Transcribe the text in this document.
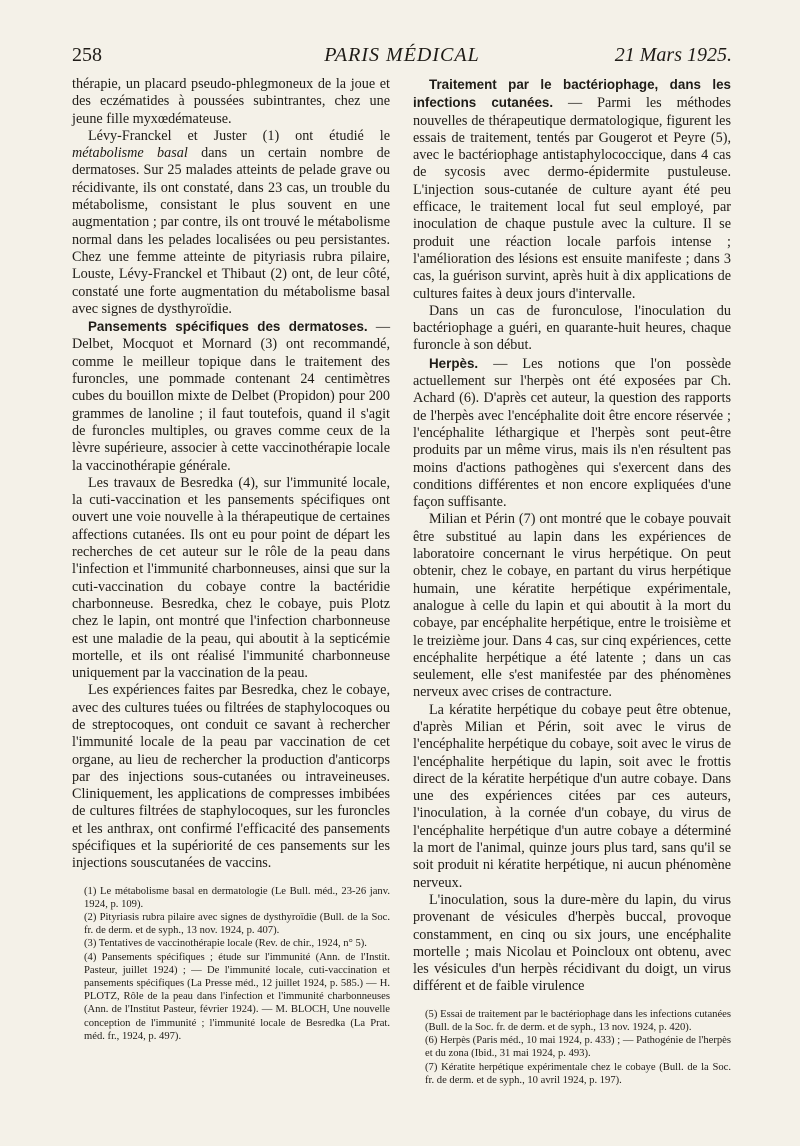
258	PARIS MÉDICAL	21 Mars 1925.

thérapie, un placard pseudo-phlegmoneux de la joue et des eczématides à poussées subintrantes, chez une jeune fille myxœdémateuse.

Lévy-Franckel et Juster (1) ont étudié le métabolisme basal dans un certain nombre de dermatoses. Sur 25 malades atteints de pelade grave ou récidivante, ils ont constaté, dans 23 cas, un trouble du métabolisme, consistant le plus souvent en une augmentation ; par contre, ils ont trouvé le métabolisme normal dans les pelades localisées ou peu persistantes. Chez une femme atteinte de pityriasis rubra pilaire, Louste, Lévy-Franckel et Thibaut (2) ont, de leur côté, constaté une forte augmentation du métabolisme basal avec signes de dysthyroïdie.

Pansements spécifiques des dermatoses. — Delbet, Mocquot et Mornard (3) ont recommandé, comme le meilleur topique dans le traitement des furoncles, une pommade contenant 24 centimètres cubes du bouillon mixte de Delbet (Propidon) pour 200 grammes de lanoline ; il faut toutefois, quand il s'agit de furoncles multiples, ou graves comme ceux de la lèvre supérieure, associer à cette vaccinothérapie locale la vaccinothérapie générale.

Les travaux de Besredka (4), sur l'immunité locale, la cuti-vaccination et les pansements spécifiques ont ouvert une voie nouvelle à la thérapeutique de certaines affections cutanées. Ils ont eu pour point de départ les recherches de cet auteur sur le rôle de la peau dans l'infection et l'immunité charbonneuses, ainsi que sur la cuti-vaccination du cobaye contre la bactéridie charbonneuse. Besredka, chez le cobaye, puis Plotz chez le lapin, ont montré que l'infection charbonneuse est une maladie de la peau, qui aboutit à la septicémie mortelle, et ils ont réalisé l'immunité charbonneuse uniquement par la vaccination de la peau.

Les expériences faites par Besredka, chez le cobaye, avec des cultures tuées ou filtrées de staphylocoques ou de streptocoques, ont conduit ce savant à rechercher l'immunité locale de la peau par vaccination de cet organe, au lieu de rechercher la production d'anticorps par des injections sous-cutanées ou intraveineuses. Cliniquement, les applications de compresses imbibées de cultures filtrées de staphylocoques, sur les furoncles et les anthrax, ont confirmé l'efficacité des pansements spécifiques et la supériorité de ces pansements sur les injections souscutanées de vaccins.

(1) Le métabolisme basal en dermatologie (Le Bull. méd., 23-26 janv. 1924, p. 109).

(2) Pityriasis rubra pilaire avec signes de dysthyroïdie (Bull. de la Soc. fr. de derm. et de syph., 13 nov. 1924, p. 407).

(3) Tentatives de vaccinothérapie locale (Rev. de chir., 1924, n° 5).

(4) Pansements spécifiques ; étude sur l'immunité (Ann. de l'Instit. Pasteur, juillet 1924) ; — De l'immunité locale, cuti-vaccination et pansements spécifiques (La Presse méd., 12 juillet 1924, p. 585.) — H. PLOTZ, Rôle de la peau dans l'infection et l'immunité charbonneuses (Ann. de l'Institut Pasteur, février 1924). — M. BLOCH, Une nouvelle conception de l'immunité ; l'immunité locale de Besredka (La Prat. méd. fr., 1924, p. 497).

Traitement par le bactériophage, dans les infections cutanées. — Parmi les méthodes nouvelles de thérapeutique dermatologique, figurent les essais de traitement, tentés par Gougerot et Peyre (5), avec le bactériophage antistaphylococcique, dans 4 cas de sycosis avec dermo-épidermite pustuleuse. L'injection sous-cutanée de culture ayant été peu efficace, le traitement local fut seul employé, par inoculation de chaque pustule avec la culture. Il se produit une réaction locale parfois intense ; l'amélioration des lésions est ensuite manifeste ; dans 3 cas, la guérison survint, après huit à dix applications de cultures faites à deux jours d'intervalle.

Dans un cas de furonculose, l'inoculation du bactériophage a guéri, en quarante-huit heures, chaque furoncle à son début.

Herpès. — Les notions que l'on possède actuellement sur l'herpès ont été exposées par Ch. Achard (6). D'après cet auteur, la question des rapports de l'herpès avec l'encéphalite doit être encore réservée ; l'encéphalite léthargique et l'herpès sont peut-être produits par un même virus, mais ils n'en résultent pas moins d'actions pathogènes qui s'exercent dans des conditions différentes et non encore expliquées d'une façon suffisante.

Milian et Périn (7) ont montré que le cobaye pouvait être substitué au lapin dans les expériences de laboratoire concernant le virus herpétique. On peut obtenir, chez le cobaye, en partant du virus herpétique humain, une kératite herpétique expérimentale, analogue à celle du lapin et qui aboutit à la mort du cobaye, par encéphalite herpétique, entre le troisième et le treizième jour. Dans 4 cas, sur cinq expériences, cette encéphalite herpétique a été latente ; dans un cas seulement, elle s'est manifestée par des phénomènes nerveux avec crises de contracture.

La kératite herpétique du cobaye peut être obtenue, d'après Milian et Périn, soit avec le virus de l'encéphalite herpétique du cobaye, soit avec le virus de l'encéphalite herpétique du lapin, soit avec le frottis direct de la kératite herpétique d'un autre cobaye. Dans une des expériences citées par ces auteurs, l'inoculation, à la cornée d'un cobaye, du virus de l'encéphalite herpétique d'un autre cobaye a déterminé la mort de l'animal, quinze jours plus tard, sans qu'il se soit produit ni kératite herpétique, ni aucun phénomène nerveux.

L'inoculation, sous la dure-mère du lapin, du virus provenant de vésicules d'herpès buccal, provoque constamment, en cinq ou six jours, une encéphalite mortelle ; mais Nicolau et Poincloux ont obtenu, avec les vésicules d'un herpès récidivant du doigt, un virus différent et de faible virulence

(5) Essai de traitement par le bactériophage dans les infections cutanées (Bull. de la Soc. fr. de derm. et de syph., 13 nov. 1924, p. 420).

(6) Herpès (Paris méd., 10 mai 1924, p. 433) ; — Pathogénie de l'herpès et du zona (Ibid., 31 mai 1924, p. 493).

(7) Kératite herpétique expérimentale chez le cobaye (Bull. de la Soc. fr. de derm. et de syph., 10 avril 1924, p. 197).
